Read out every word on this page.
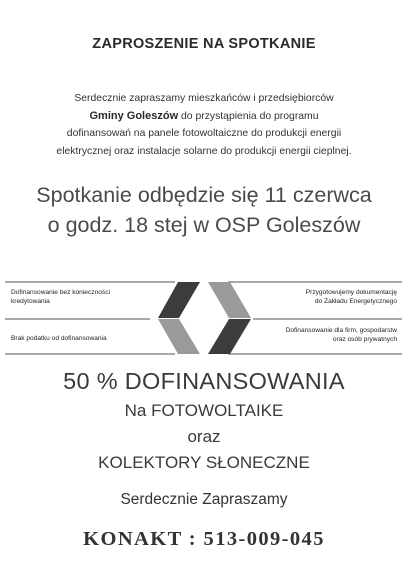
ZAPROSZENIE NA SPOTKANIE
Serdecznie zapraszamy mieszkańców i przedsiębiorców
Gminy Goleszów do przystąpienia do programu
dofinansowań na panele fotowoltaiczne do produkcji energii
elektrycznej oraz instalacje solarne do produkcji energii cieplnej.
Spotkanie odbędzie się 11 czerwca
o godz. 18 stej w OSP Goleszów
Dofinansowanie bez konieczności
kredytowania
Przygotowujemy dokumentację
do Zakładu Energetycznego
Brak podatku od dofinansowania
Dofinansowanie dla firm, gospodarstw
oraz osób prywatnych
50 % DOFINANSOWANIA
Na FOTOWOLTAIKE
oraz
KOLEKTORY SŁONECZNE
Serdecznie Zapraszamy
KONAKT : 513-009-045
